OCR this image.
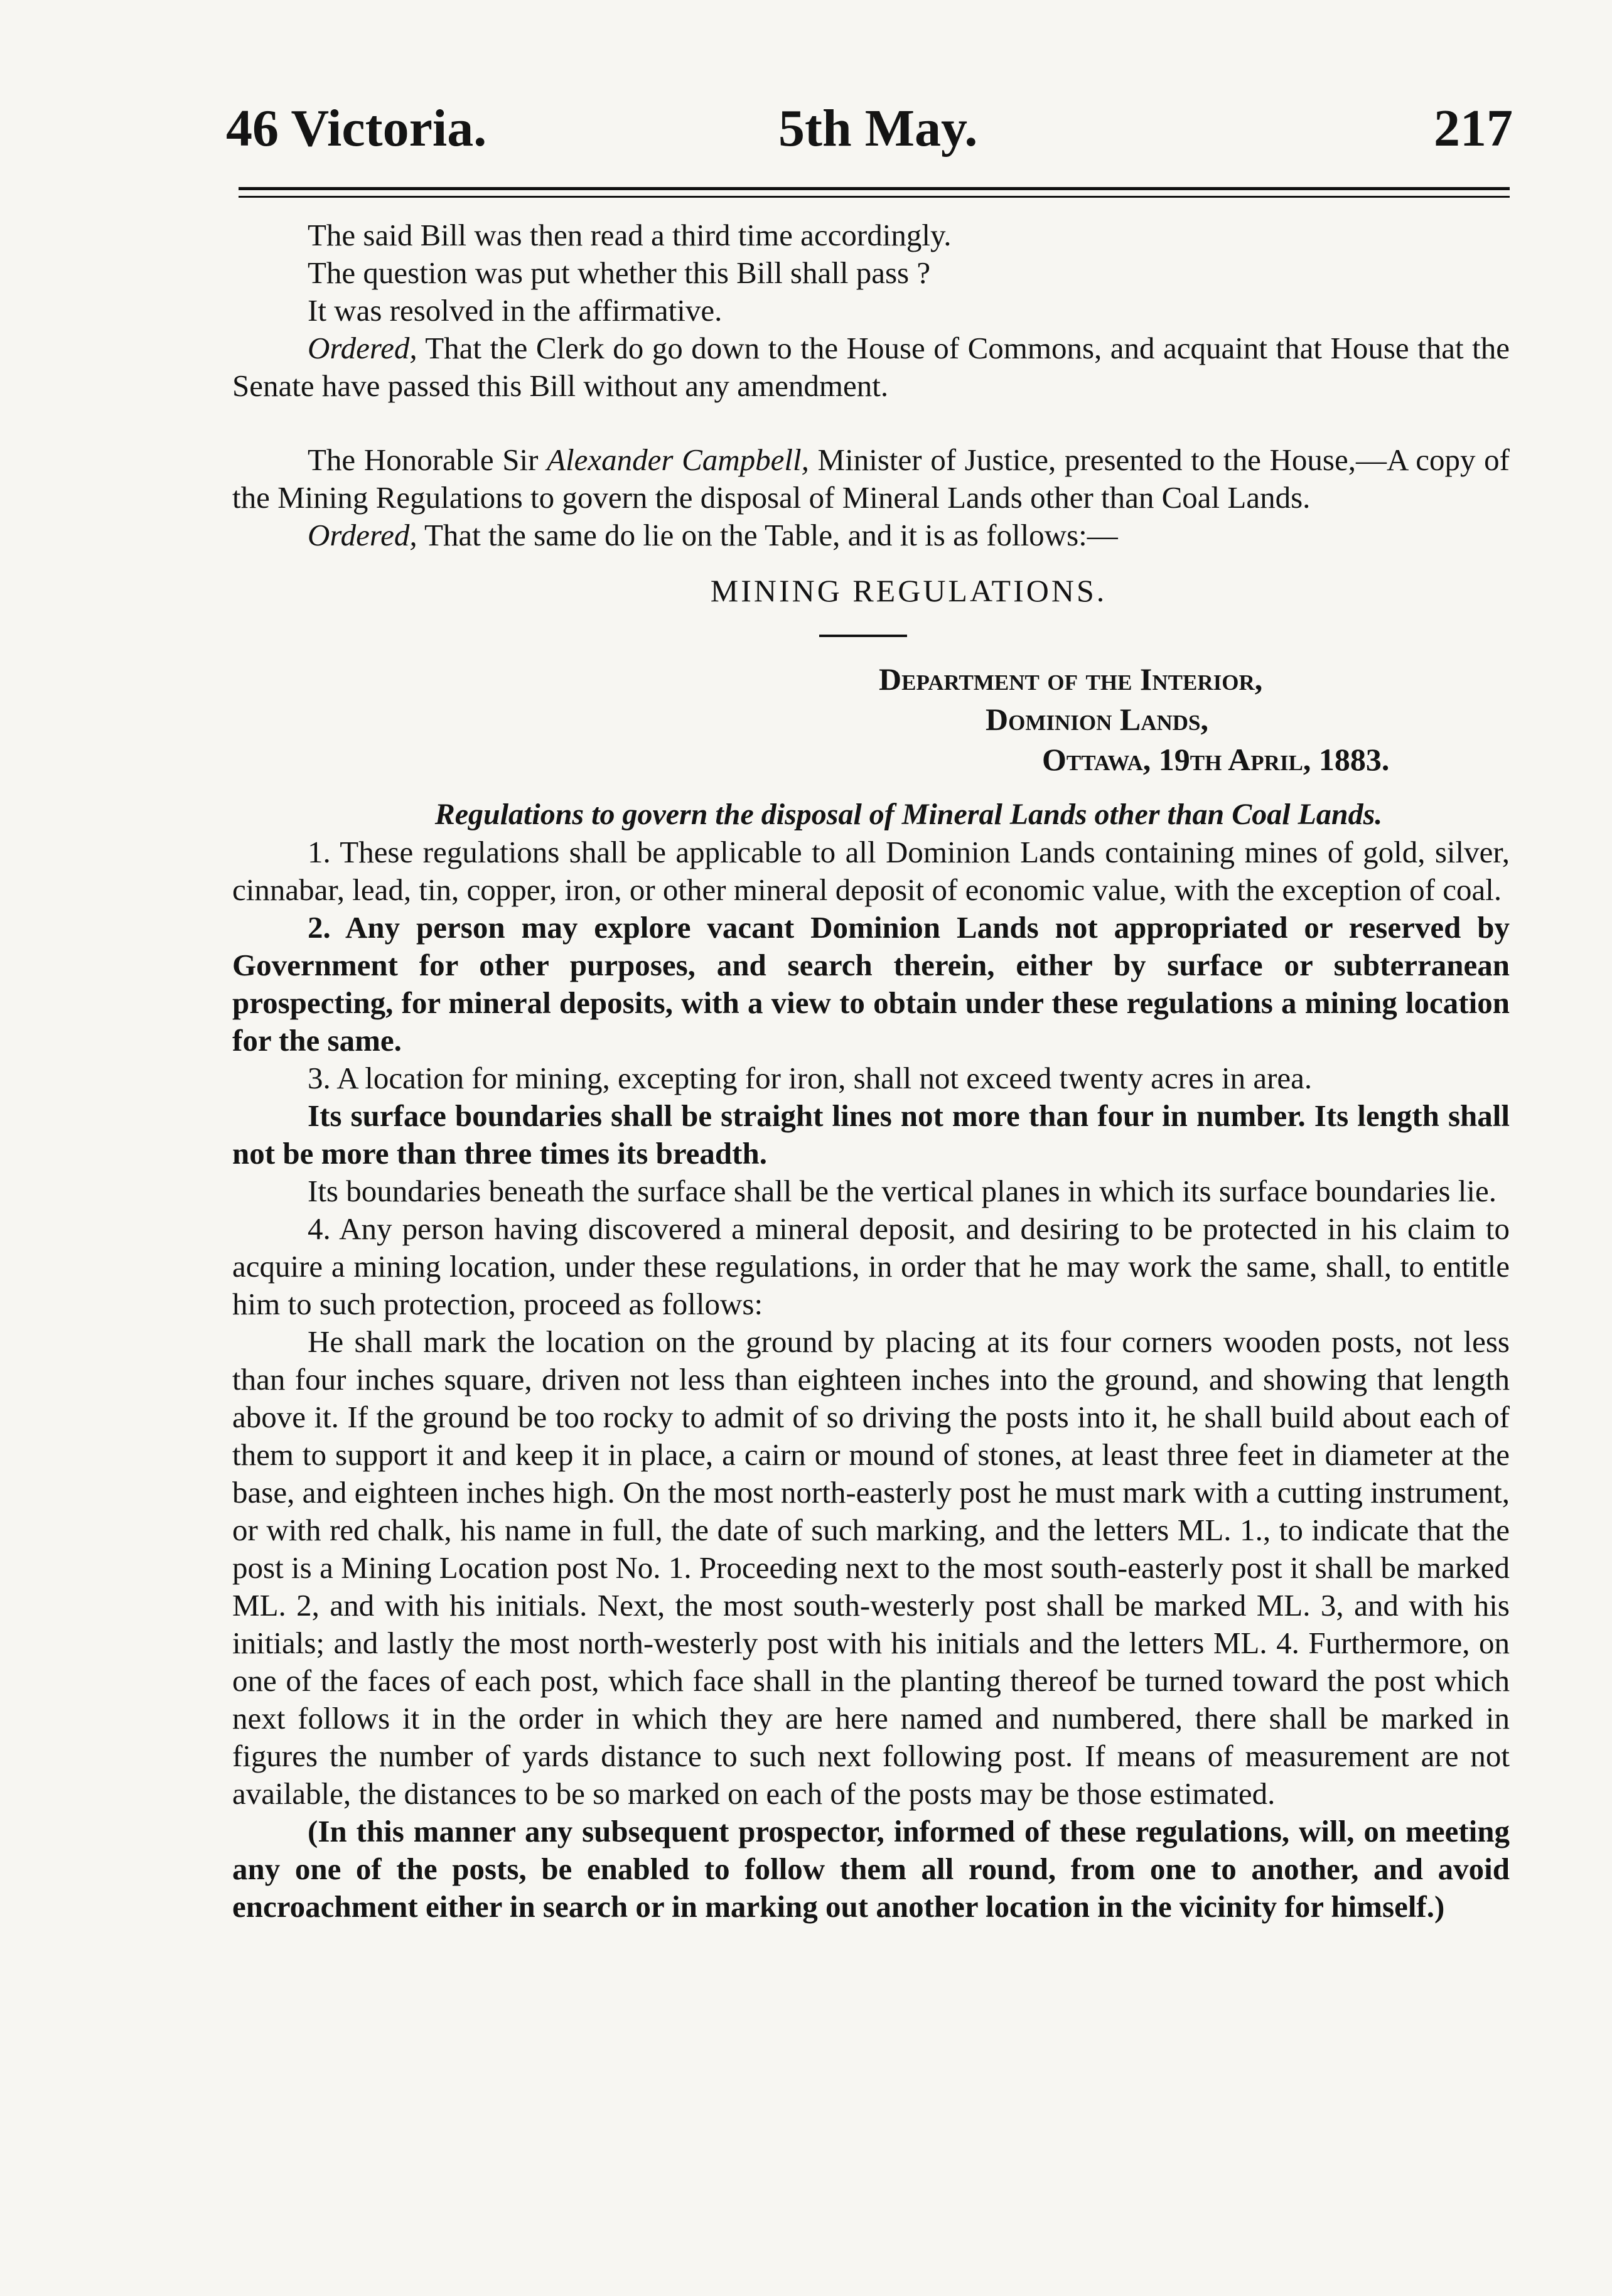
46 Victoria.	5th May.	217

The said Bill was then read a third time accordingly.

The question was put whether this Bill shall pass ?

It was resolved in the affirmative.

Ordered, That the Clerk do go down to the House of Commons, and acquaint that House that the Senate have passed this Bill without any amendment.

The Honorable Sir Alexander Campbell, Minister of Justice, presented to the House,—A copy of the Mining Regulations to govern the disposal of Mineral Lands other than Coal Lands.

Ordered, That the same do lie on the Table, and it is as follows:—

MINING REGULATIONS.

Department of the Interior,
Dominion Lands,
Ottawa, 19th April, 1883.

Regulations to govern the disposal of Mineral Lands other than Coal Lands.

1. These regulations shall be applicable to all Dominion Lands containing mines of gold, silver, cinnabar, lead, tin, copper, iron, or other mineral deposit of economic value, with the exception of coal.

2. Any person may explore vacant Dominion Lands not appropriated or reserved by Government for other purposes, and search therein, either by surface or subterranean prospecting, for mineral deposits, with a view to obtain under these regulations a mining location for the same.

3. A location for mining, excepting for iron, shall not exceed twenty acres in area.

Its surface boundaries shall be straight lines not more than four in number. Its length shall not be more than three times its breadth.

Its boundaries beneath the surface shall be the vertical planes in which its surface boundaries lie.

4. Any person having discovered a mineral deposit, and desiring to be protected in his claim to acquire a mining location, under these regulations, in order that he may work the same, shall, to entitle him to such protection, proceed as follows:

He shall mark the location on the ground by placing at its four corners wooden posts, not less than four inches square, driven not less than eighteen inches into the ground, and showing that length above it. If the ground be too rocky to admit of so driving the posts into it, he shall build about each of them to support it and keep it in place, a cairn or mound of stones, at least three feet in diameter at the base, and eighteen inches high. On the most north-easterly post he must mark with a cutting instrument, or with red chalk, his name in full, the date of such marking, and the letters ML. 1., to indicate that the post is a Mining Location post No. 1. Proceeding next to the most south-easterly post it shall be marked ML. 2, and with his initials. Next, the most south-westerly post shall be marked ML. 3, and with his initials; and lastly the most north-westerly post with his initials and the letters ML. 4. Furthermore, on one of the faces of each post, which face shall in the planting thereof be turned toward the post which next follows it in the order in which they are here named and numbered, there shall be marked in figures the number of yards distance to such next following post. If means of measurement are not available, the distances to be so marked on each of the posts may be those estimated.

(In this manner any subsequent prospector, informed of these regulations, will, on meeting any one of the posts, be enabled to follow them all round, from one to another, and avoid encroachment either in search or in marking out another location in the vicinity for himself.)
